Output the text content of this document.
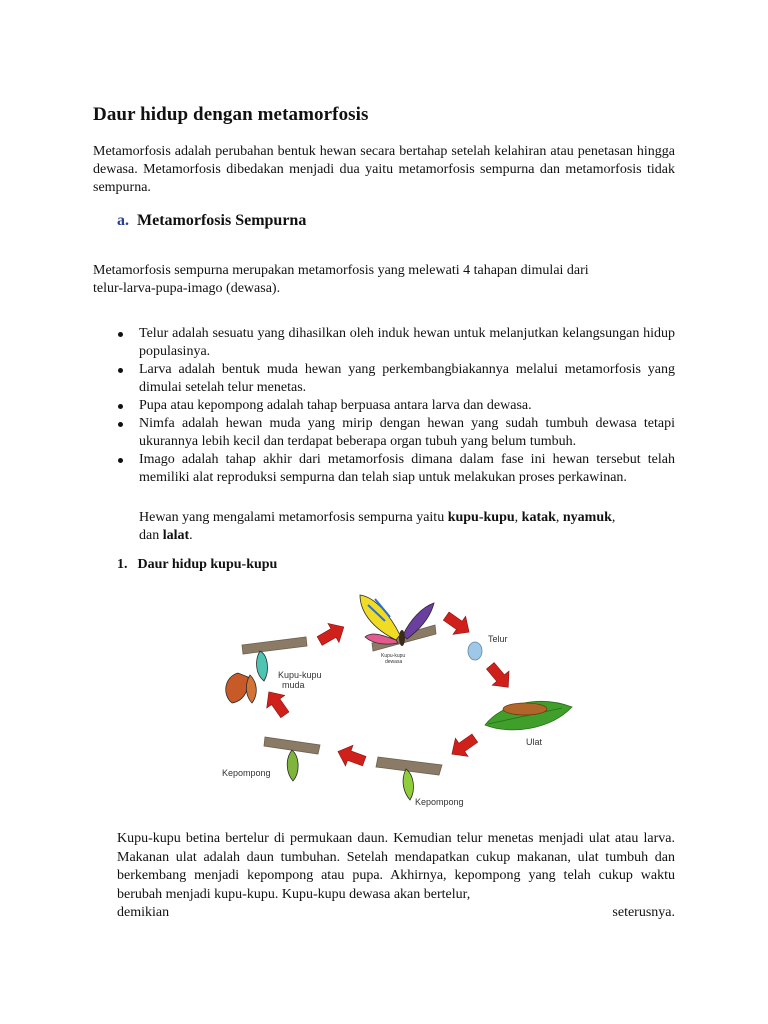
Daur hidup dengan metamorfosis

Metamorfosis adalah perubahan bentuk hewan secara bertahap setelah kelahiran atau penetasan hingga dewasa. Metamorfosis dibedakan menjadi dua yaitu metamorfosis sempurna dan metamorfosis tidak sempurna.

a. Metamorfosis Sempurna

Metamorfosis sempurna merupakan metamorfosis yang melewati 4 tahapan dimulai dari
telur-larva-pupa-imago (dewasa).

Telur adalah sesuatu yang dihasilkan oleh induk hewan untuk melanjutkan kelangsungan hidup populasinya.
Larva adalah bentuk muda hewan yang perkembangbiakannya melalui metamorfosis yang dimulai setelah telur menetas.
Pupa atau kepompong adalah tahap berpuasa antara larva dan dewasa.
Nimfa adalah hewan muda yang mirip dengan hewan yang sudah tumbuh dewasa tetapi ukurannya lebih kecil dan terdapat beberapa organ tubuh yang belum tumbuh.
Imago adalah tahap akhir dari metamorfosis dimana dalam fase ini hewan tersebut telah memiliki alat reproduksi sempurna dan telah siap untuk melakukan proses perkawinan.

Hewan yang mengalami metamorfosis sempurna yaitu kupu-kupu, katak, nyamuk,
dan lalat.

1. Daur hidup kupu-kupu
Kupu-kupu
dewasa
Telur
Ulat
Kepompong
Kepompong
Kupu-kupu
muda
Kupu-kupu betina bertelur di permukaan daun. Kemudian telur menetas menjadi ulat atau larva. Makanan ulat adalah daun tumbuhan. Setelah mendapatkan cukup makanan, ulat tumbuh dan berkembang menjadi kepompong atau pupa. Akhirnya, kepompong yang telah cukup waktu berubah menjadi kupu-kupu. Kupu-kupu dewasa akan bertelur,
demikian	seterusnya.
